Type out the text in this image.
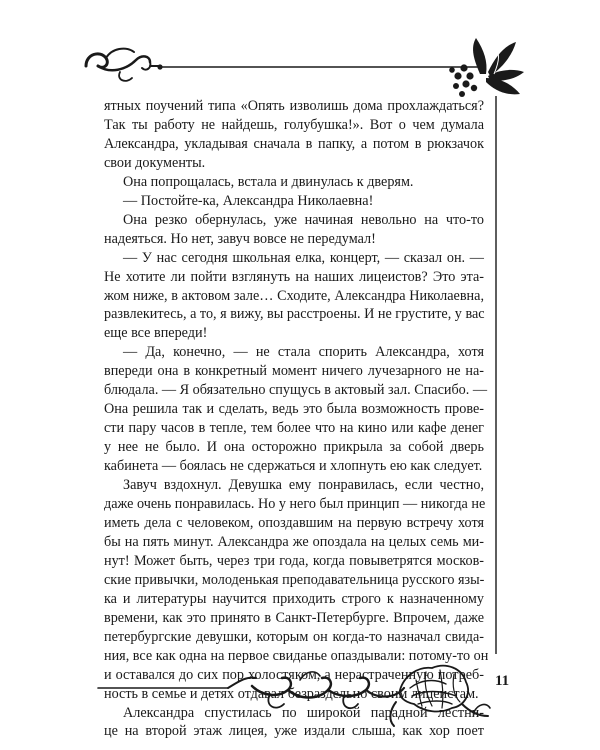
ятных поучений типа «Опять изволишь дома прохлаждаться?
Так ты работу не найдешь, голубушка!». Вот о чем думала
Александра, укладывая сначала в папку, а потом в рюкзачок
свои документы.
Она попрощалась, встала и двинулась к дверям.
— Постойте-ка, Александра Николаевна!
Она резко обернулась, уже начиная невольно на что-то
надеяться. Но нет, завуч вовсе не передумал!
— У нас сегодня школьная елка, концерт, — сказал он. —
Не хотите ли пойти взглянуть на наших лицеистов? Это эта-
жом ниже, в актовом зале… Сходите, Александра Николаевна,
развлекитесь, а то, я вижу, вы расстроены. И не грустите, у вас
еще все впереди!
— Да, конечно, — не стала спорить Александра, хотя
впереди она в конкретный момент ничего лучезарного не на-
блюдала. — Я обязательно спущусь в актовый зал. Спасибо. —
Она решила так и сделать, ведь это была возможность прове-
сти пару часов в тепле, тем более что на кино или кафе денег
у нее не было. И она осторожно прикрыла за собой дверь
кабинета — боялась не сдержаться и хлопнуть ею как следует.
Завуч вздохнул. Девушка ему понравилась, если честно,
даже очень понравилась. Но у него был принцип — никогда не
иметь дела с человеком, опоздавшим на первую встречу хотя
бы на пять минут. Александра же опоздала на целых семь ми-
нут! Может быть, через три года, когда повыветрятся москов-
ские привычки, молоденькая преподавательница русского язы-
ка и литературы научится приходить строго к назначенному
времени, как это принято в Санкт-Петербурге. Впрочем, даже
петербургские девушки, которым он когда-то назначал свида-
ния, все как одна на первое свиданье опаздывали: потому-то он
и оставался до сих пор холостяком, а нерастраченную потреб-
ность в семье и детях отдавал безраздельно своим лицеистам.
Александра спустилась по широкой парадной лестни-
це на второй этаж лицея, уже издали слыша, как хор поет
11
